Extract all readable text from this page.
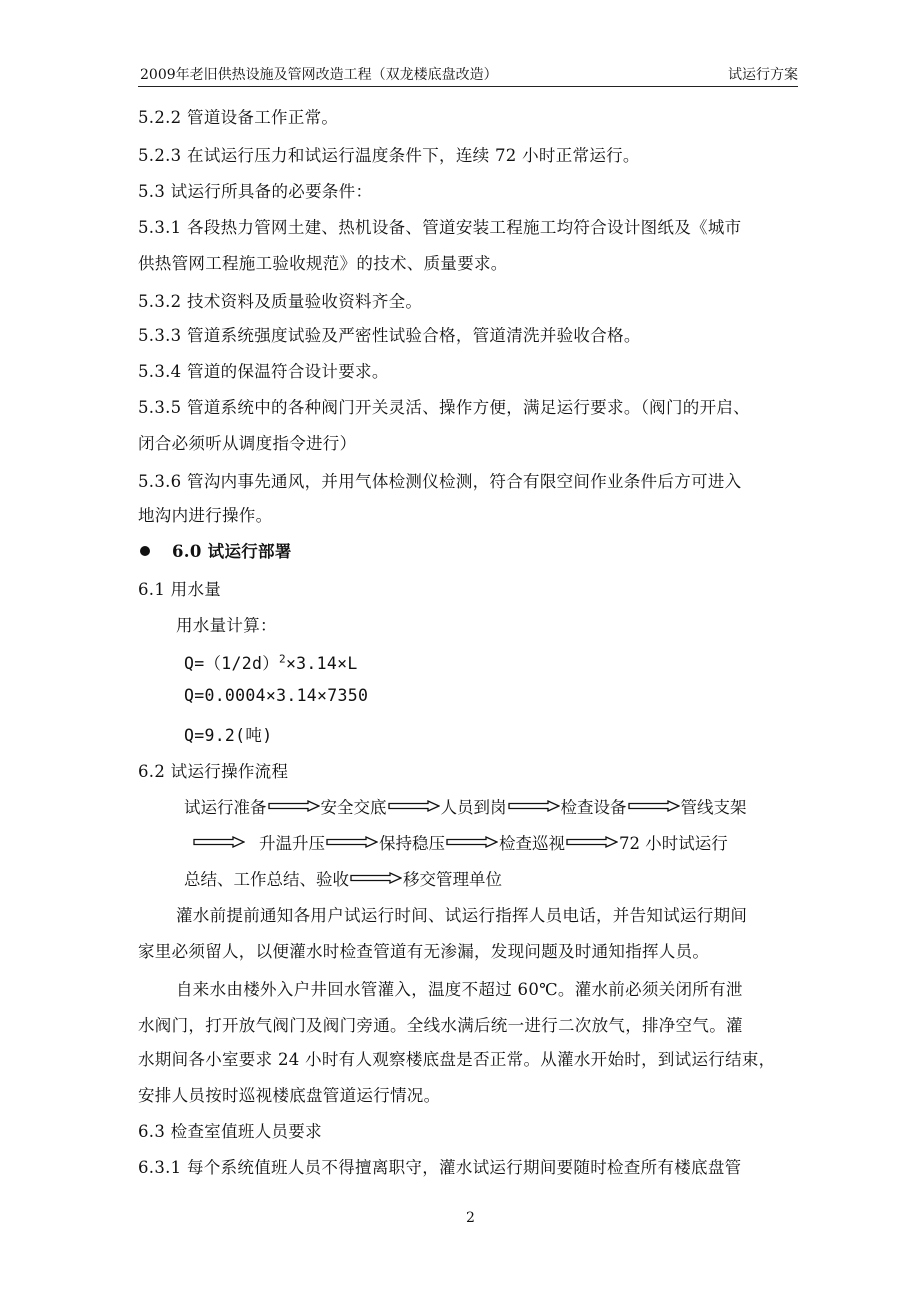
2009年老旧供热设施及管网改造工程（双龙楼底盘改造）	试运行方案
5.2.2 管道设备工作正常。
5.2.3 在试运行压力和试运行温度条件下，连续 72 小时正常运行。
5.3 试运行所具备的必要条件：
5.3.1 各段热力管网土建、热机设备、管道安装工程施工均符合设计图纸及《城市
供热管网工程施工验收规范》的技术、质量要求。
5.3.2 技术资料及质量验收资料齐全。
5.3.3 管道系统强度试验及严密性试验合格，管道清洗并验收合格。
5.3.4 管道的保温符合设计要求。
5.3.5 管道系统中的各种阀门开关灵活、操作方便，满足运行要求。（阀门的开启、
闭合必须听从调度指令进行）
5.3.6 管沟内事先通风，并用气体检测仪检测，符合有限空间作业条件后方可进入
地沟内进行操作。
6.0 试运行部署
6.1 用水量
用水量计算：
$Q=(1/2d)^2\times 3.14\times L$
Q=0.0004×3.14×7350
Q=9.2(吨)
6.2 试运行操作流程
试运行准备	安全交底	人员到岗	检查设备	管线支架
升温升压	保持稳压	检查巡视	72 小时试运行
总结、工作总结、验收	移交管理单位
灌水前提前通知各用户试运行时间、试运行指挥人员电话，并告知试运行期间
家里必须留人，以便灌水时检查管道有无渗漏，发现问题及时通知指挥人员。
自来水由楼外入户井回水管灌入，温度不超过 60℃。灌水前必须关闭所有泄
水阀门，打开放气阀门及阀门旁通。全线水满后统一进行二次放气，排净空气。灌
水期间各小室要求 24 小时有人观察楼底盘是否正常。从灌水开始时，到试运行结束，
安排人员按时巡视楼底盘管道运行情况。
6.3 检查室值班人员要求
6.3.1 每个系统值班人员不得擅离职守，灌水试运行期间要随时检查所有楼底盘管
2
